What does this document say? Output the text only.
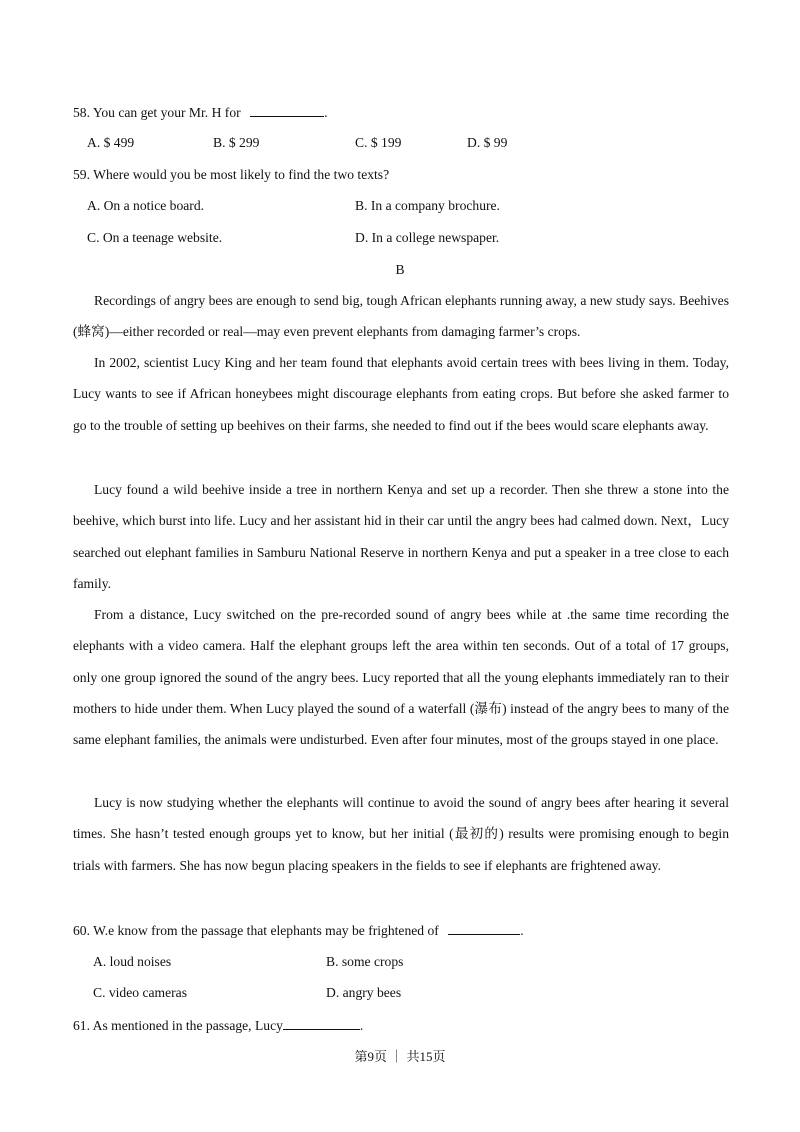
58. You can get your Mr. H for	.
A. $ 499	B. $ 299	C. $ 199	D. $ 99
59. Where would you be most likely to find the two texts?
A. On a notice board.	B. In a company brochure.
C. On a teenage website.	D. In a college newspaper.
B
Recordings of angry bees are enough to send big, tough African elephants running away, a new study says. Beehives (蜂窝)—either recorded or real—may even prevent elephants from damaging farmer’s crops.
In 2002, scientist Lucy King and her team found that elephants avoid certain trees with bees living in them. Today, Lucy wants to see if African honeybees might discourage elephants from eating crops. But before she asked farmer to go to the trouble of setting up beehives on their farms, she needed to find out if the bees would scare elephants away.
Lucy found a wild beehive inside a tree in northern Kenya and set up a recorder. Then she threw a stone into the beehive, which burst into life. Lucy and her assistant hid in their car until the angry bees had calmed down. Next，Lucy searched out elephant families in Samburu National Reserve in northern Kenya and put a speaker in a tree close to each family.
From a distance, Lucy switched on the pre-recorded sound of angry bees while at .the same time recording the elephants with a video camera. Half the elephant groups left the area within ten seconds. Out of a total of 17 groups, only one group ignored the sound of the angry bees. Lucy reported that all the young elephants immediately ran to their mothers to hide under them. When Lucy played the sound of a waterfall (瀑布) instead of the angry bees to many of the same elephant families, the animals were undisturbed. Even after four minutes, most of the groups stayed in one place.
Lucy is now studying whether the elephants will continue to avoid the sound of angry bees after hearing it several times. She hasn’t tested enough groups yet to know, but her initial (最初的) results were promising enough to begin trials with farmers. She has now begun placing speakers in the fields to see if elephants are frightened away.
60. W.e know from the passage that elephants may be frightened of	.
A. loud noises	B. some crops
C. video cameras	D. angry bees
61. As mentioned in the passage, Lucy	.
第9页 ｜ 共15页
